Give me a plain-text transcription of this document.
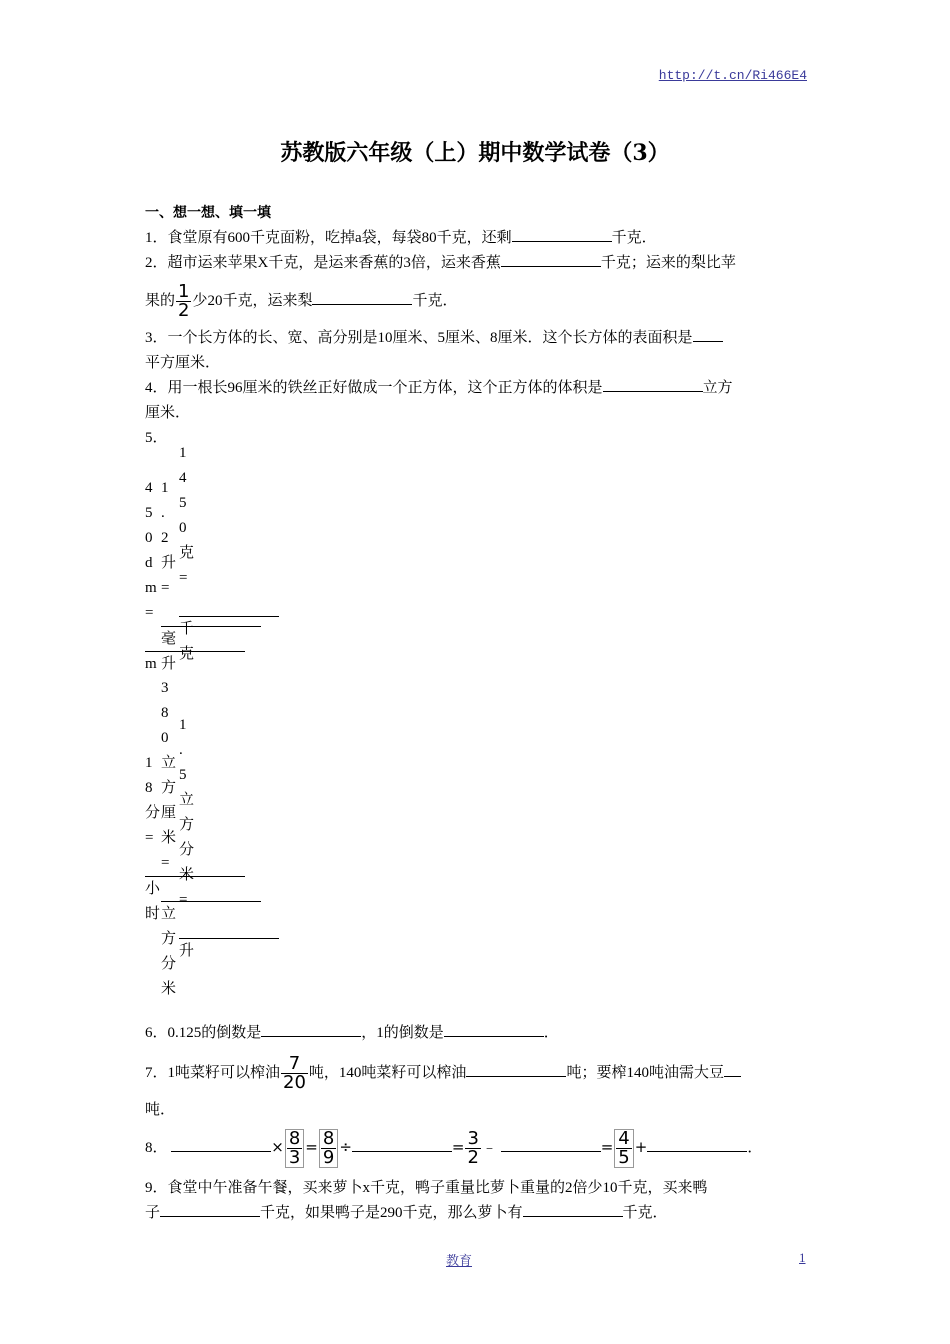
http://t.cn/Ri466E4
苏教版六年级（上）期中数学试卷（3）
一、想一想、填一填
1．食堂原有600千克面粉，吃掉a袋，每袋80千克，还剩	千克．
2．超市运来苹果X千克，是运来香蕉的3倍，运来香蕉	千克；运来的梨比苹
果的 $\frac{1}{2}$ 少20千克，运来梨	千克．
3．一个长方体的长、宽、高分别是10厘米、5厘米、8厘米．这个长方体的表面积是
平方厘米．
4．用一根长96厘米的铁丝正好做成一个正方体，这个正方体的体积是	立方
厘米．
5．
4
5
0
d
m
=

m
1
.
2
升
=

毫
升
1
4
5
0
克
=

千
克
1
8
分
=

小
时
3
8
0
立
方
厘
米
=

立
方
分
米
1
.
5
立
方
分
米
=

升
6．0.125的倒数是	，1的倒数是	．
7．1吨菜籽可以榨油 $\frac{7}{20}$ 吨，140吨菜籽可以榨油	吨；要榨140吨油需大豆
吨．
8．	× $\frac{8}{3} = \frac{8}{9}$ ÷	= $\frac{3}{2}$ ﹣	= $\frac{4}{5}$ +	．
9．食堂中午准备午餐，买来萝卜x千克，鸭子重量比萝卜重量的2倍少10千克，买来鸭
子	千克，如果鸭子是290千克，那么萝卜有	千克．
教育	1
